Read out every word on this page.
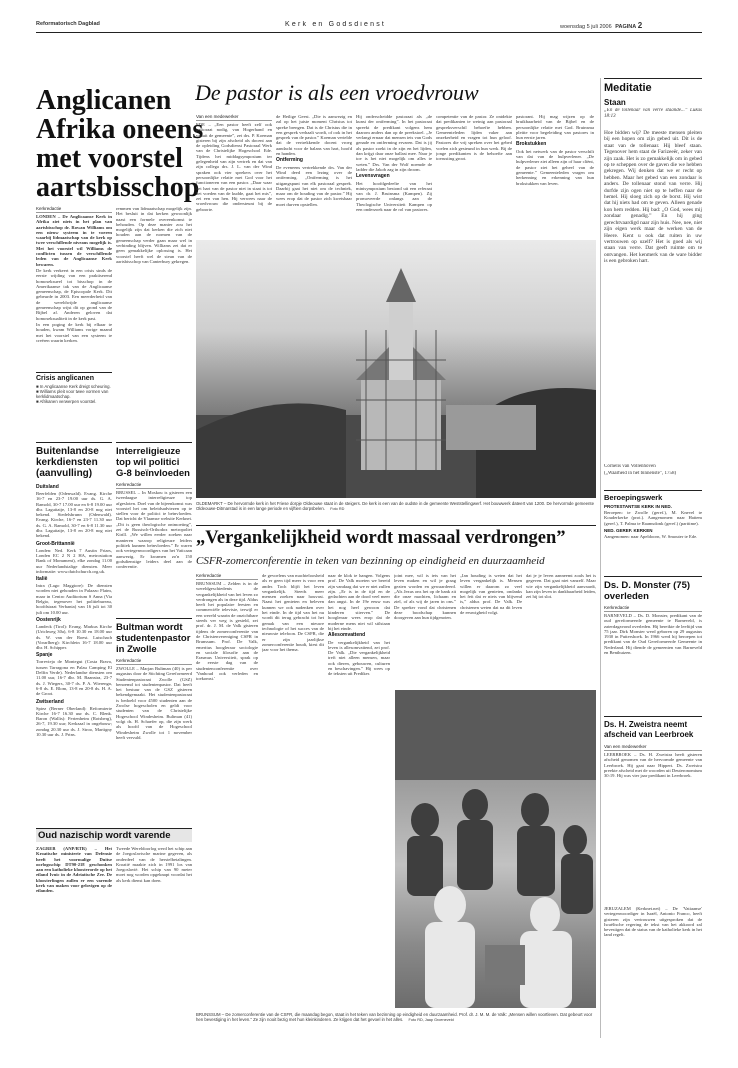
Reformatorisch Dagblad	Kerk en Godsdienst	woensdag 5 juli 2006 PAGINA 2
Anglicanen Afrika oneens met voorstel aartsbisschop
Kerkredactie

LONDEN – De Anglicaanse Kerk in Afrika ziet niets in het plan van aartsbisschop dr. Rowan Williams om een nieuw systeem in te voeren waarbij lidmaatschap van de kerk op twee verschillende niveaus mogelijk is. Met het voorstel wil Williams de conflicten tussen de verschillende leden van de Anglicaanse Kerk bewaren.

De kerk verkeert in een crisis sinds de eerste wijding van een praktiserend homoseksueel tot bisschop in de Amerikaanse tak van de Anglicaanse gemeenschap, de Episcopale Kerk. Dit gebeurde in 2003. Een meerderheid van de wereldwijde anglicaanse gemeenschap wijst dit op grond van de Bijbel af. Anderen geloven dat homoseksualiteit in de kerk past.

In een poging de kerk bij elkaar te houden, kwam Williams vorige maand met het voorstel van een systeem te creëren waarin kerken.

Crisis anglicanen
■ In Anglicaanse Kerk dreigt scheuring.
■ Williams pleit voor twee vormen van kerklidmaatschap.
■ Afrikanen verwerpen voorstel.
remmen van lidmaatschap mogelijk zijn. Het besluit in dat kerken gewoonlijk naast een formele overeenkomst te behouden. Op deze manier zou het mogelijk zijn dat kerken die zich niet houden aan de normen van de gemeenschap verder gaan maar wel in verbinding blijven. Williams zei dat er geen gemakkelijke oplossing is. Het voorstel heeft wel de steun van de aartsbisschop van Canterbury gekregen.
De pastor is als een vroedvrouw
Van een medewerker
EDE – „Een pastor heeft zelf ook pastoraat nodig, van Hogerhand en vanuit de gemeente”, zei drs. P. Koeman gisteren bij zijn afscheid als docent aan de opleiding Godsdienst Pastoraal Werk van de Christelijke Hogeschool Ede. Tijdens het middagsymposium ter gelegenheid van zijn vertrek en dat van zijn collega drs. J. L. van der Wind spraken ook vier sprekers over het persoonlijke relatie met God voor het functioneren van een pastor. „Daar waar het hart van de pastor niet in staat is tot het voeden van de kudde, gaat het mis”, zei een van hen. Hij verwees naar de vroedvrouw die ondersteunt bij de geboorte.

de Heilige Geest. „Die is aanwezig en zal op het juiste moment Christus tot spreke brengen. Dat is de Christus die in een gesprek verhaalt wordt, of ook in het gesprek van de pastor.” Koeman vertelde dat de vertrekkende docent vroeg aandacht voor de balans van hart, hoofd en handen.

Ontferming

De eveneens vertrekkende drs. Van der Wind deed een lezing over de ontferming. „Ontferming is het uitgangspunt van elk pastoraal gesprek. Daarbij gaat het niet om de techniek, maar om de houding van de pastor.” Hij wees erop dat de pastor zich kwetsbaar moet durven opstellen.

Hij onderscheidde pastoraat als „de kunst der ontferming”. In het pastoraat spreekt de predikant volgens hem daarom anders dan op de preekstoel. „Je verlangt ernaar dat mensen iets van Gods genade en ontferming ervaren. Dat is jij als pastor zoekt in de zijn en het lijden, dan krijgt daar onze ballast mee. Naar je toe is het niet mogelijk om alles te weten.” Drs. Van der Wolf noemde de ladder die Jakob zag in zijn droom.

Levensvragen

Het hoofdgedeelte van het minisymposium bestond uit een referaat van dr. J. Bruinsma (Kampen). Zij promoveerde onlangs aan de Theologische Universiteit Kampen op een onderzoek naar de rol van pastores.

competentie van de pastor. Ze ontdekte dat predikanten te weinig aan pastoraal gespreksverschil behoefte hebben. Gemeenteleden lijden vaker aan onzekerheid en vragen tot hun geloof. Pastores die vrij spreken over het gebed voelen zich gesteund in hun werk. Bij de jonge predikanten is de behoefte aan toerusting groot.

pastorant. Hij mag wijzen op de bruikbaarheid van de Bijbel en de persoonlijke relatie met God. Bruinsma pleitte voor begeleiding van pastores in hun eerste jaren.

Brokstukken

Ook het netwerk van de pastor verschilt van dat van de hulpverlener. „De hulpverlener ziet alleen zijn of haar cliënt, de pastor ziet het geheel van de gemeente.” Gemeenteleden vragen om herkenning en erkenning van hun brokstukken van leven.

OLDEMARKT – De hervormde kerk in het Friese dorpje Oldeouwe staat in de steigers. De kerk is een van de oudste in de gemeente Weststellingwerf. Het bouwwerk dateert van 1200. De hervormde gemeente Oldeouwe-Ditmarstad is in een lange periode en vijftien dorpsbelen. Foto RD
Buitenlandse kerkdiensten (aanvulling)
Duitsland
Beerfelden (Odenwald). Evang. Kirche 16-7 en 23-7 19.00 uur ds. G. A. Ramold, 30-7 17.00 uur en 6-8 19.00 uur dhr. Laguitaije, 13-8 en 20-8 nog niet bekend. Siedelsbrunn (Odenwald). Evang. Kirche, 16-7 en 23-7 11.30 uur ds. G. A. Ramold, 30-7 en 6-8 11.30 uur dhr. Laguitaije, 13-8 en 20-8 nog niet bekend.
Groot-Brittannië
Londen: Ned. Kerk 7 Austin Friars, Londen EC 2 N 2 HA, metrostation Bank of Monument), elke zondag 11.00 uur Nederlandstalige diensten. Meer informatie: www.dutchchurch.org.uk.
Italië
Intra (Lago Maggiore): De diensten worden niet gehouden in Palazzo Flaim, maar in Centro Auditorium S Anna (Via Belgio, tegenover het politiebureau, hoofdstraat Verbania) van 16 juli tot 30 juli om 10.00 uur.
Oostenrijk
Landeck (Tirol): Evang. Markus Kirche (Urichweg 30a), 6-8 10.30 en 18.00 uur ds. W. van der Roest. Lutschach (Vorarlberg): Kirchlein 16-7 18.00 uur dhr. H. Schipper.
Spanje
Torrevieja de Montegut (Costa Brava, tussen Tarragona en Palau Camping El Delfin Verde). Nederlandse diensten om 11.00 uur, 16-7 dhr. M. Baanstra, 23-7 ds. J. Wiegers, 30-7 ds. P. A. Wierenga, 6-8 ds. E. Blom, 13-8 en 20-8 ds. H. A. de Groot.
Zwitserland
Spiez (Berner Oberland): Reformierte Kirche 16-7 16.30 uur ds. C. Blenk. Baron (Wallis): Ferienheim (Rotsberg), 26-7, 19.30 uur; Kerkzaal in ongebouw; zondag 20.30 uur ds. J. Stroo, Martigny 10.30 uur ds. J. Prins.
Interreligieuze top wil politici G-8 beïnvloeden
Kerkredactie
BRUSSEL – In Moskou is gisteren een tweedaagse interreligieuze top afgesloten. Doel van de bijeenkomst was voorstel het om beleidsadviezen op te stellen voor de politici te beïnvloeden. Dat bericht de Vlaamse website Kerknet. „Dit is geen theologische ontmoeting”, zei de Russisch-Orthodox metropoliet Kirill. „We willen eerder zoeken naar manieren waarop religieuze leiders politiek kunnen beïnvloeden.” Er waren ook vertegenwoordigers van het Vaticaan aanwezig. Er kwamen zo'n 150 godsdienstige leiders deel aan de conferentie.
Bultman wordt studentenpastor in Zwolle
Kerkredactie
ZWOLLE – Marjan Bultman (40) is per augustus door de Stichting Gereformeerd Studentenpastoraat Zwolle (GSZ) benoemd tot studentenpastor. Dat heeft het bestuur van de GSZ gisteren bekendgemaakt. Het studentenpastoraat is bedoeld voor 4500 studenten aan de Zwolse hogescholen en geldt voor studenten van de Christelijke Hogeschool Windesheim. Bultman (41) volgt ds. H. Schaefer op, die zijn werk als hoofd van de Hogeschool Windesheim Zwolle tot 1 november heeft vervuld.
Oud nazischip wordt varende
ZAGREB (ANP/RTR) – Het Kroatische ministerie van Defensie heeft het voormalige Duitse oorlogsschip DT90-218 geschonken aan een katholieke kloosterorde op het eiland Ivnic in de Adriatische Zee. De kloosterlingen zullen er een varende kerk van maken voor gelovigen op de eilanden.
Tweede Wereldoorlog werd het schip aan de Joegoslavische marine gegeven, als onderdeel van de herstelbetalingen. Kroatië maakte zich in 1991 los van Joegoslavië. Het schip van 90 meter moet nog worden opgeknapt voordat het als kerk dienst kan doen.
„Vergankelijkheid wordt massaal verdrongen”
CSFR-zomerconferentie in teken van bezinning op eindigheid en duurzaamheid
Kerkredactie
BRUNSSUM – Zelden is in de wereldgeschiedenis de vergankelijkheid van het leven zo verdrongen als in deze tijd. Aldus heeft het populaire feesten en commerciële televisie, terwijl er een wereld waarin de onzichtbare steeds ver weg is gesteld, zei prof. dr. J. M. de Valk gisteren tijdens de zomerconferentie van de Christenvereniging CSFR in Brunssum. Prof. De Valk, emeritus hoogleraar sociologie en sociale filosofie aan de Erasmus Universiteit, sprak op de eerste dag van de studentenconferentie over 'Vanhoud ook verleden en toekomst.'
de gevoelens van machteloosheid als er geen tijd meer is voor een ander. Toch blijft het leven vergankelijk. Steeds meer mensen zoeken naar houvast. Naast het genieten en beleven kunnen we ook nadenken over het einde. In de tijd van het nu wordt dit terug gebracht tot het gemak van een nieuwe technologie of het succes van de nieuwste telefoon. De CSFR, die er zijn jaarlijkse zomerconferentie houdt, kiest dit jaar voor het thema.

naar de klok te hangen. Volgens prof. De Valk moeten we bereid zijn vandaag dat we er niet zullen zijn. „Er is in de tijd en de gedachten aan de dood veel meer dan angst. In de 19e eeuw was het nog heel gewoon dat kinderen stierven.” De hoogleraar wees erop dat de moderne mens niet wil stilstaan bij het einde.

Allesomvattend

De vergankelijkheid van het leven is allesomvattend, zei prof. De Valk. „Die vergankelijkheid treft niet alleen mensen, maar ook dieren, gebouwen, culturen en beschavingen.” Hij wees op de teksten uit Prediker.

joint mee, wil is iets van het leven maken en wil je graag gezien worden en gewaardeerd. „Als Jezus ons het op de bank zit die onze machten, lichaam en ziel, of als wij de jaren in ons.” De spreker vond dat christenen deze boodschap kunnen doorgeven aan hun tijdgenoten.
„Ian houding is weten dat het leven vergankelijk is. Mensen willen er daarom zo veel mogelijk van genieten, ondanks het feit dat er niets van blijvend is,” aldus prof. De Valk. De christenen weten dat na dit leven de eeuwigheid volgt.
dat je je leven aanneemt zoals het is gegeven. Dat gaat niet vanzelf. Maar wie zijn vergankelijkheid aanvaardt, kan zijn leven in dankbaarheid leiden, zei hij tot slot.
BRUNSSUM – De zomerconferentie van de CSFR, die maandag begon, staat in het teken van bezinning op eindigheid en duurzaamheid. Prof. dr. J. M. M. de Valk: „Mensen willen voortleven. Dat gebeurt voor hen bevestiging in het leven.” Ze zijn nooit bezig met hun kleinkinderen. Ze krijgen dat het gevoel in het alles. Foto RD, Jaap Groeneveld
Meditatie
Staan
„En de tollenaar van verre staande...” Lukas 18:13
Hoe bidden wij? De meeste mensen pleiten bij een hopen om zijn gebed uit. Dit is de staat van de tollenaar. Hij bleef staan. Tegenover hem staat de Farizeeër, zeker van zijn zaak. Het is zo gemakkelijk om in gebed op te scheppen over de gaven die we hebben gekregen. Wij denken dat we er recht op hebben. Maar het gebed van een zondaar is anders. De tollenaar stond van verre. Hij durfde zijn ogen niet op te heffen naar de hemel. Hij sloeg zich op de borst. Hij wist dat hij niets had om te geven. Alleen genade kon hem redden. Hij bad: „O God, wees mij zondaar genadig.” En hij ging gerechtvaardigd naar zijn huis. Nee, nee, niet zijn eigen werk maar de werken van de Heere. Kent u ook dat ruiten in uw vertrouwen op uzelf? Het is goed als wij staan van verre. Dat geeft ruimte om te ontvangen. Het kenmerk van de ware bidder is een gebroken hart.
Cornelis van Vollenhoven
(„Waarheid in het binnenste”, 1758)
Beroepingswerk
PROTESTANTSE KERK IN NED.
Beroepen: te Zwolle (geref.), M. Knevel te Kouderkerke (prot.). Aangenomen: naar Hattem (geref.), T. Palma te Raamsdonk (geref.) (parttime).
NED. GEREF. KERKEN
Aangenomen: naar Apeldoorn, W. Smouter te Ede.
Ds. D. Monster (75) overleden
Kerkredactie
BARNEVELD – Ds. D. Monster, predikant van de oud gereformeerde gemeente te Barneveld, is zaterdagavond overleden. Hij bereikte de leeftijd van 75 jaar. Dirk Monster werd geboren op 29 augustus 1930 in Puttershoek. In 1966 werd hij beroepen tot predikant van de Oud Gereformeerde Gemeente in Nederland. Hij diende de gemeenten van Barneveld en Benthuizen.
Ds. H. Zweistra neemt afscheid van Leerbroek
Van een medewerker
LEERBROEK – Ds. H. Zweistra heeft gisteren afscheid genomen van de hervormde gemeente van Leerbroek. Hij gaat naar Hippert. Ds. Zweistra preekte afscheid met de woorden uit Deuteronomium 30:19. Hij was vier jaar predikant in Leerbroek.
JERUZALEM (Kerknet.net) – De 'Vatiaanse' vertegenwoordiger in Israël, Antonio Franco, heeft gisteren zijn vertrouwen uitgesproken dat de Israëlische regering de tekst van het akkoord zal bevestigen dat de status van de katholieke kerk in het land regelt.
